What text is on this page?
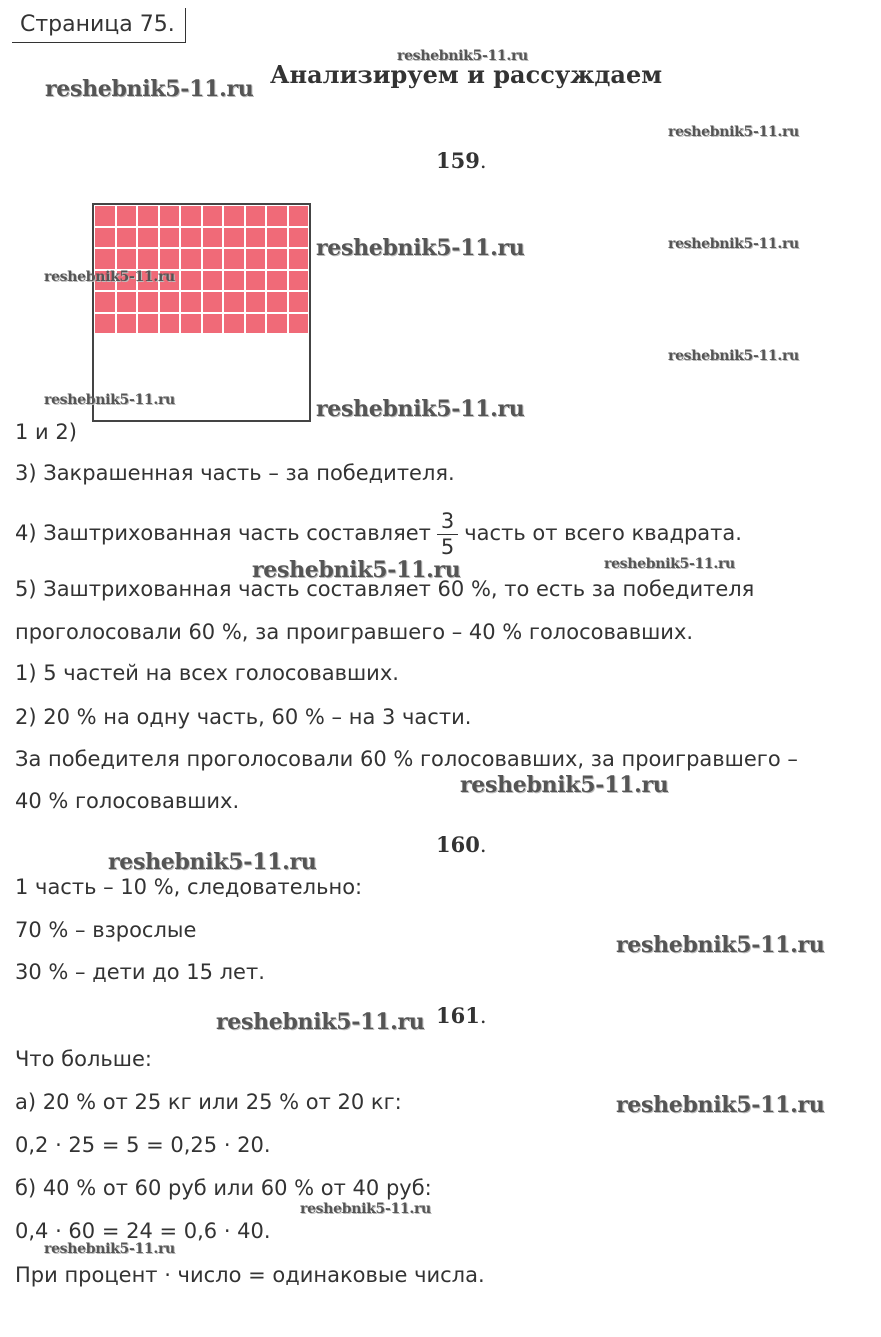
Страница 75.
Анализируем и рассуждаем
159.
1 и 2)
3) Закрашенная часть – за победителя.
4) Заштрихованная часть составляет $\frac{3}{5}$ часть от всего квадрата.
5) Заштрихованная часть составляет 60 %, то есть за победителя
проголосовали 60 %, за проигравшего – 40 % голосовавших.
1) 5 частей на всех голосовавших.
2) 20 % на одну часть, 60 % – на 3 части.
За победителя проголосовали 60 % голосовавших, за проигравшего –
40 % голосовавших.
160.
1 часть – 10 %, следовательно:
70 % – взрослые
30 % – дети до 15 лет.
161.
Что больше:
а) 20 % от 25 кг или 25 % от 20 кг:
0,2 · 25 = 5 = 0,25 · 20.
б) 40 % от 60 руб или 60 % от 40 руб:
0,4 · 60 = 24 = 0,6 · 40.
При процент · число = одинаковые числа.
reshebnik5-11.ru
reshebnik5-11.ru
reshebnik5-11.ru
reshebnik5-11.ru	reshebnik5-11.ru
reshebnik5-11.ru
reshebnik5-11.ru
reshebnik5-11.ru	reshebnik5-11.ru
reshebnik5-11.ru
reshebnik5-11.ru
reshebnik5-11.ru
reshebnik5-11.ru
reshebnik5-11.ru
reshebnik5-11.ru
reshebnik5-11.ru
reshebnik5-11.ru
reshebnik5-11.ru
